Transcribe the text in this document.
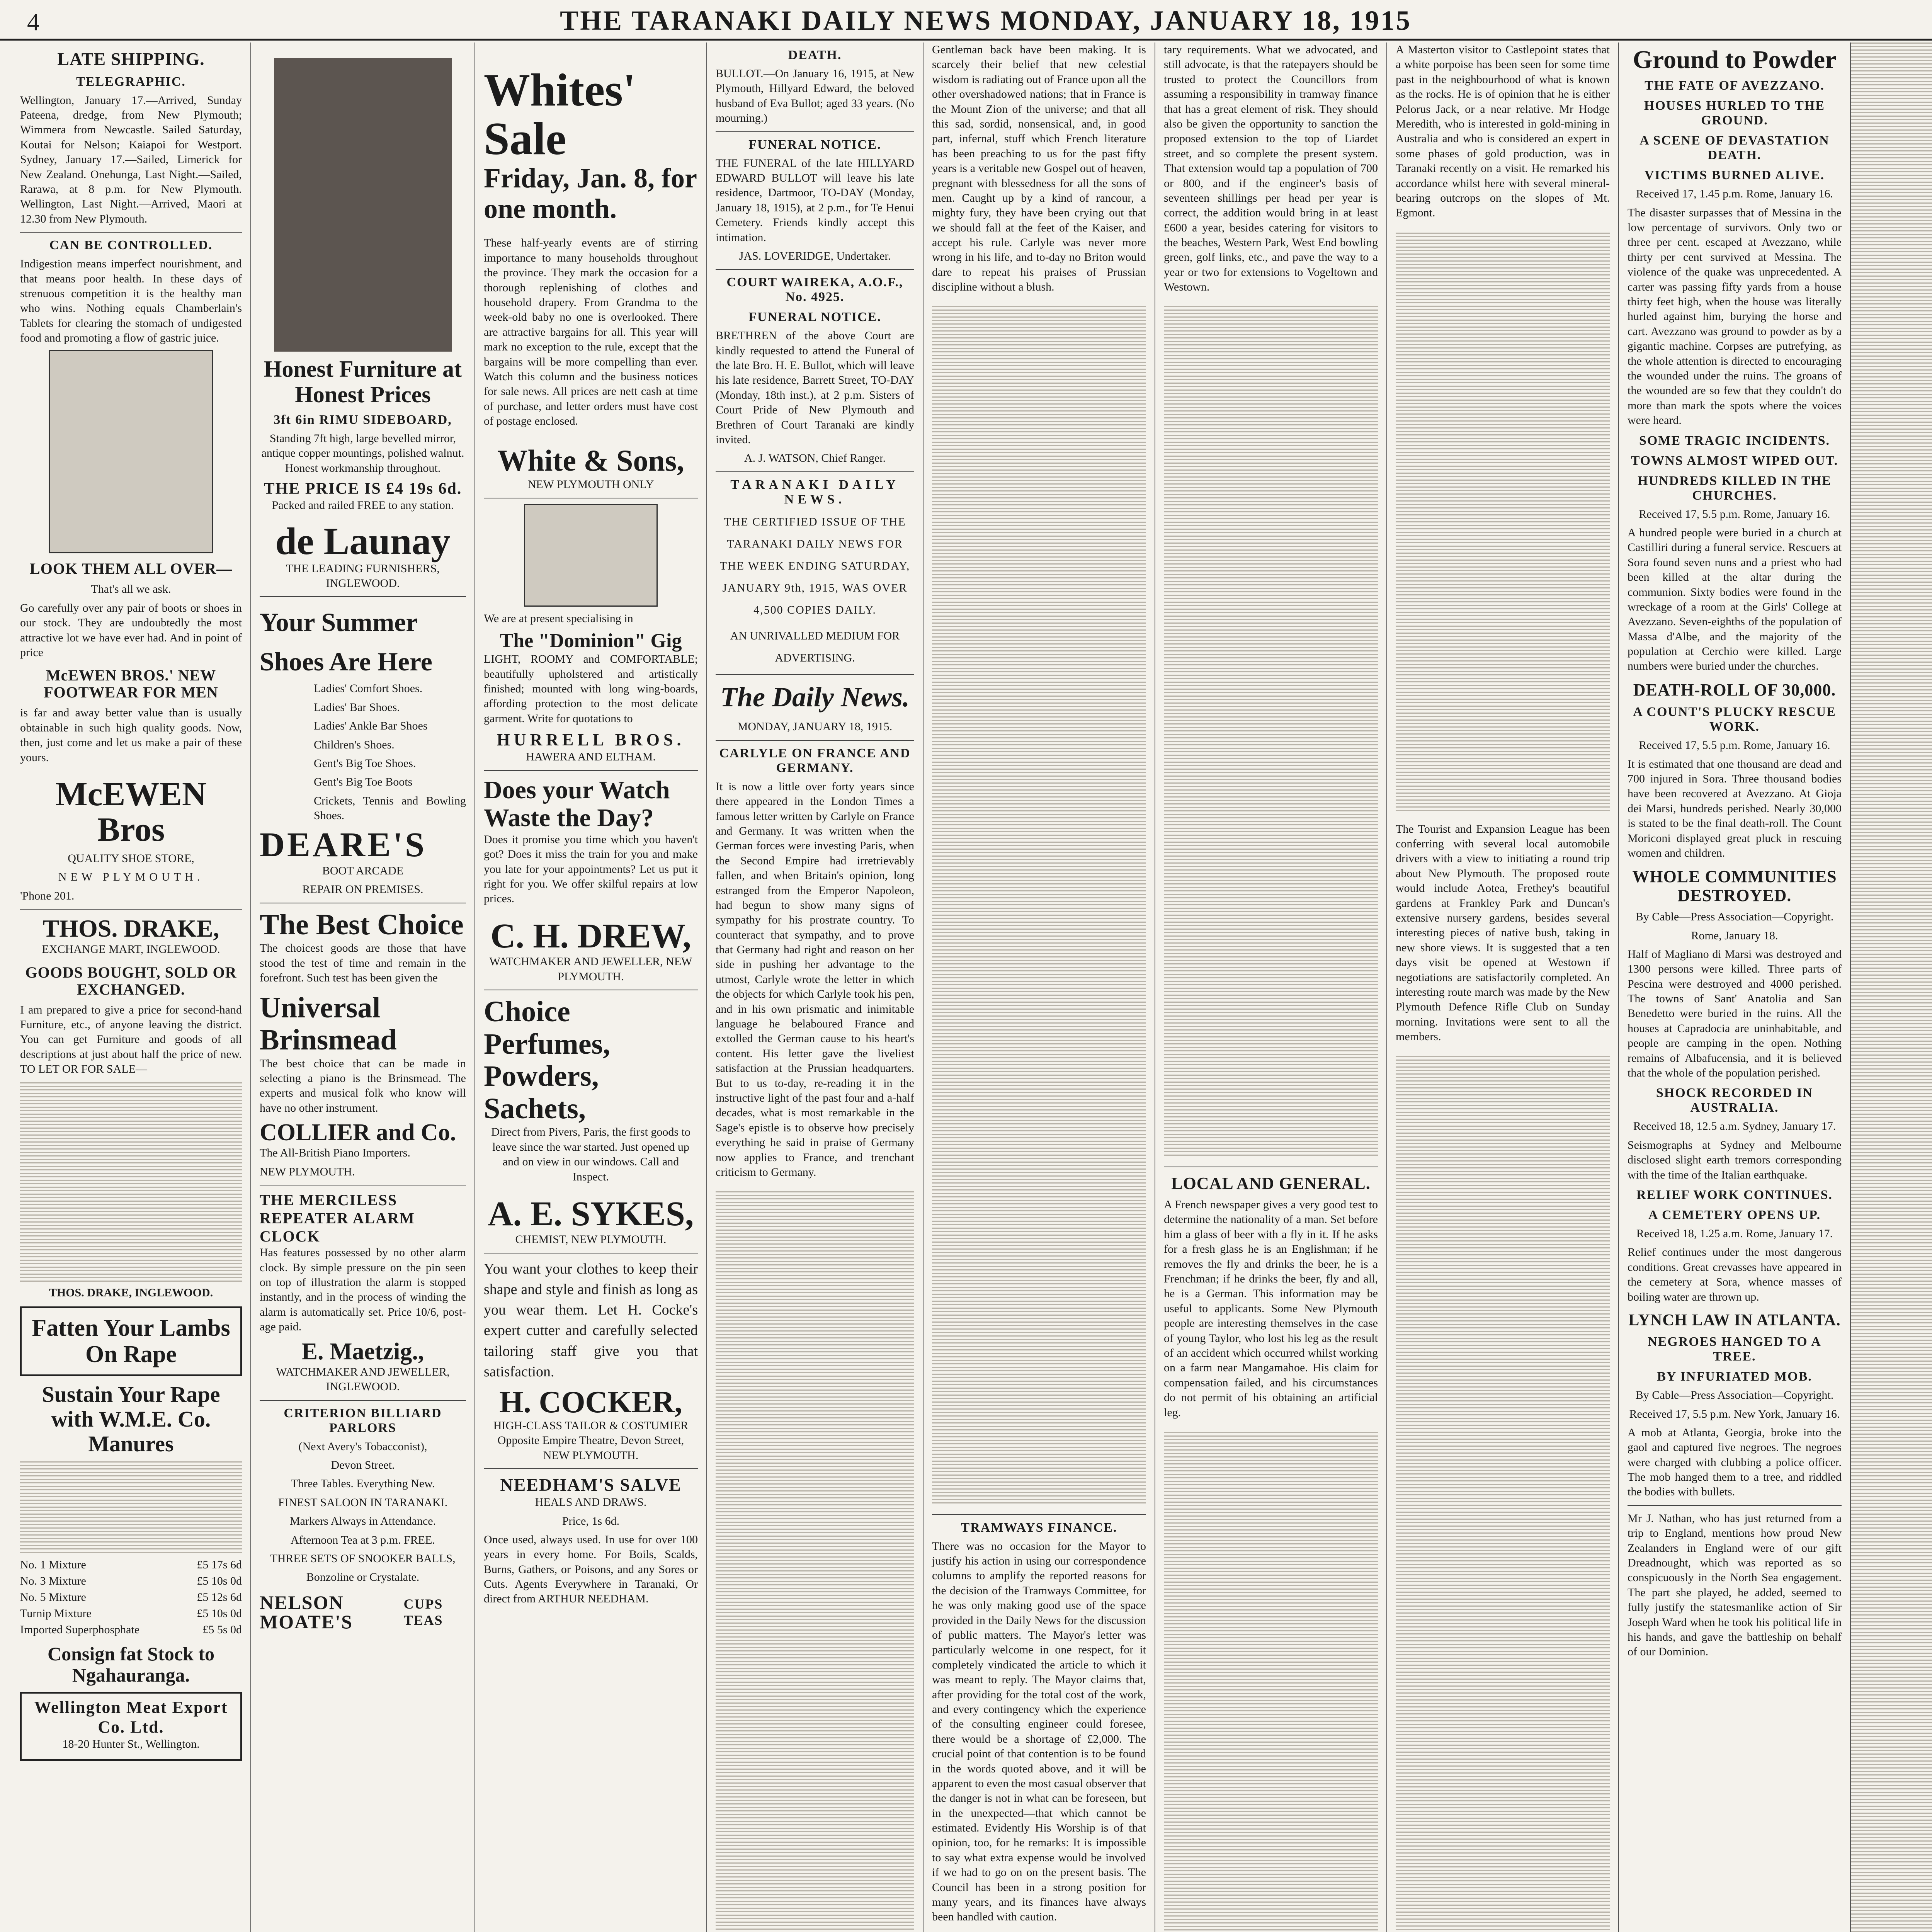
4	THE TARANAKI DAILY NEWS MONDAY, JANUARY 18, 1915
LATE SHIPPING.
TELEGRAPHIC.

Wellington, January 17.—Arrived, Sunday Pateena, dredge, from New Plymouth; Wimmera from Newcastle. Sailed Saturday, Koutai for Nelson; Kaiapoi for Westport. Sydney, January 17.—Sailed, Limerick for New Zealand. Onehunga, Last Night.—Sailed, Rarawa, at 8 p.m. for New Plymouth. Wellington, Last Night.—Arrived, Maori at 12.30 from New Plymouth.

CAN BE CONTROLLED.

Indigestion means imperfect nourishment, and that means poor health. In these days of strenuous competition it is the healthy man who wins. Nothing equals Chamberlain's Tablets for clearing the stomach of undigested food and promoting a flow of gastric juice.

LOOK THEM ALL OVER—

That's all we ask.

Go carefully over any pair of boots or shoes in our stock. They are undoubtedly the most attractive lot we have ever had. And in point of price

McEWEN BROS.' NEW FOOTWEAR FOR MEN

is far and away better value than is usually obtainable in such high quality goods. Now, then, just come and let us make a pair of these yours.

McEWEN Bros

QUALITY SHOE STORE,

NEW PLYMOUTH.

'Phone 201.

THOS. DRAKE,

EXCHANGE MART, INGLEWOOD.

GOODS BOUGHT, SOLD OR EXCHANGED.

I am prepared to give a price for second-hand Furniture, etc., of anyone leaving the district. You can get Furniture and goods of all descriptions at just about half the price of new. TO LET OR FOR SALE—

THOS. DRAKE, INGLEWOOD.

Fatten Your Lambs On Rape
Sustain Your Rape with W.M.E. Co. Manures

No. 1 Mixture	£5 17s 6d
No. 3 Mixture	£5 10s 0d
No. 5 Mixture	£5 12s 6d
Turnip Mixture	£5 10s 0d
Imported Superphosphate	£5 5s 0d
Consign fat Stock to Ngahauranga.
Wellington Meat Export Co. Ltd.

18-20 Hunter St., Wellington.

Honest Furniture at Honest Prices
3ft 6in RIMU SIDEBOARD,

Standing 7ft high, large bevelled mirror, antique copper mountings, polished walnut. Honest workmanship throughout.

THE PRICE IS £4 19s 6d.

Packed and railed FREE to any station.

de Launay

THE LEADING FURNISHERS, INGLEWOOD.

Your Summer Shoes Are Here

Ladies' Comfort Shoes.

Ladies' Bar Shoes.

Ladies' Ankle Bar Shoes

Children's Shoes.

Gent's Big Toe Shoes.

Gent's Big Toe Boots

Crickets, Tennis and Bowling Shoes.

DEARE'S

BOOT ARCADE

REPAIR ON PREMISES.

The Best Choice

The choicest goods are those that have stood the test of time and remain in the forefront. Such test has been given the

Universal Brinsmead

The best choice that can be made in selecting a piano is the Brinsmead. The experts and musical folk who know will have no other instrument.

COLLIER and Co.

The All-British Piano Importers.

NEW PLYMOUTH.

THE MERCILESS REPEATER ALARM CLOCK

Has features possessed by no other alarm clock. By simple pressure on the pin seen on top of illustration the alarm is stopped instantly, and in the process of winding the alarm is automatically set. Price 10/6, post-age paid.

E. Maetzig.,

WATCHMAKER AND JEWELLER, INGLEWOOD.

CRITERION BILLIARD PARLORS

(Next Avery's Tobacconist),

Devon Street.

Three Tables. Everything New.

FINEST SALOON IN TARANAKI.

Markers Always in Attendance.

Afternoon Tea at 3 p.m. FREE.

THREE SETS OF SNOOKER BALLS,

Bonzoline or Crystalate.

NELSON MOATE'S
CUPS TEAS
Whites' Sale
Friday, Jan. 8, for one month.

These half-yearly events are of stirring importance to many households throughout the province. They mark the occasion for a thorough replenishing of clothes and household drapery. From Grandma to the week-old baby no one is overlooked. There are attractive bargains for all. This year will mark no exception to the rule, except that the bargains will be more compelling than ever. Watch this column and the business notices for sale news. All prices are nett cash at time of purchase, and letter orders must have cost of postage enclosed.

White & Sons,

NEW PLYMOUTH ONLY

We are at present specialising in

The "Dominion" Gig

LIGHT, ROOMY and COMFORTABLE; beautifully upholstered and artistically finished; mounted with long wing-boards, affording protection to the most delicate garment. Write for quotations to

HURRELL BROS.

HAWERA AND ELTHAM.

Does your Watch Waste the Day?

Does it promise you time which you haven't got? Does it miss the train for you and make you late for your appointments? Let us put it right for you. We offer skilful repairs at low prices.

C. H. DREW,

WATCHMAKER AND JEWELLER, NEW PLYMOUTH.

Choice Perfumes, Powders, Sachets,

Direct from Pivers, Paris, the first goods to leave since the war started. Just opened up and on view in our windows. Call and Inspect.

A. E. SYKES,

CHEMIST, NEW PLYMOUTH.

You want your clothes to keep their shape and style and finish as long as you wear them. Let H. Cocke's expert cutter and carefully selected tailoring staff give you that satisfaction.

H. COCKER,

HIGH-CLASS TAILOR & COSTUMIER Opposite Empire Theatre, Devon Street, NEW PLYMOUTH.

NEEDHAM'S SALVE

HEALS AND DRAWS.

Price, 1s 6d.

Once used, always used. In use for over 100 years in every home. For Boils, Scalds, Burns, Gathers, or Poisons, and any Sores or Cuts. Agents Everywhere in Taranaki, Or direct from ARTHUR NEEDHAM.

DEATH.

BULLOT.—On January 16, 1915, at New Plymouth, Hillyard Edward, the beloved husband of Eva Bullot; aged 33 years. (No mourning.)

FUNERAL NOTICE.

THE FUNERAL of the late HILLYARD EDWARD BULLOT will leave his late residence, Dartmoor, TO-DAY (Monday, January 18, 1915), at 2 p.m., for Te Henui Cemetery. Friends kindly accept this intimation.

JAS. LOVERIDGE, Undertaker.

COURT WAIREKA, A.O.F., No. 4925.
FUNERAL NOTICE.

BRETHREN of the above Court are kindly requested to attend the Funeral of the late Bro. H. E. Bullot, which will leave his late residence, Barrett Street, TO-DAY (Monday, 18th inst.), at 2 p.m. Sisters of Court Pride of New Plymouth and Brethren of Court Taranaki are kindly invited.

A. J. WATSON, Chief Ranger.

TARANAKI DAILY NEWS.

THE CERTIFIED ISSUE OF THE TARANAKI DAILY NEWS FOR THE WEEK ENDING SATURDAY, JANUARY 9th, 1915, WAS OVER 4,500 COPIES DAILY.

AN UNRIVALLED MEDIUM FOR ADVERTISING.

The Daily News.

MONDAY, JANUARY 18, 1915.

CARLYLE ON FRANCE AND GERMANY.

It is now a little over forty years since there appeared in the London Times a famous letter written by Carlyle on France and Germany. It was written when the German forces were investing Paris, when the Second Empire had irretrievably fallen, and when Britain's opinion, long estranged from the Emperor Napoleon, had begun to show many signs of sympathy for his prostrate country. To counteract that sympathy, and to prove that Germany had right and reason on her side in pushing her advantage to the utmost, Carlyle wrote the letter in which the objects for which Carlyle took his pen, and in his own prismatic and inimitable language he belaboured France and extolled the German cause to his heart's content. His letter gave the liveliest satisfaction at the Prussian headquarters. But to us to-day, re-reading it in the instructive light of the past four and a-half decades, what is most remarkable in the Sage's epistle is to observe how precisely everything he said in praise of Germany now applies to France, and trenchant criticism to Germany.

Gentleman back have been making. It is scarcely their belief that new celestial wisdom is radiating out of France upon all the other overshadowed nations; that in France is the Mount Zion of the universe; and that all this sad, sordid, nonsensical, and, in good part, infernal, stuff which French literature has been preaching to us for the past fifty years is a veritable new Gospel out of heaven, pregnant with blessedness for all the sons of men. Caught up by a kind of rancour, a mighty fury, they have been crying out that we should fall at the feet of the Kaiser, and accept his rule. Carlyle was never more wrong in his life, and to-day no Briton would dare to repeat his praises of Prussian discipline without a blush.

TRAMWAYS FINANCE.

There was no occasion for the Mayor to justify his action in using our correspondence columns to amplify the reported reasons for the decision of the Tramways Committee, for he was only making good use of the space provided in the Daily News for the discussion of public matters. The Mayor's letter was particularly welcome in one respect, for it completely vindicated the article to which it was meant to reply. The Mayor claims that, after providing for the total cost of the work, and every contingency which the experience of the consulting engineer could foresee, there would be a shortage of £2,000. The crucial point of that contention is to be found in the words quoted above, and it will be apparent to even the most casual observer that the danger is not in what can be foreseen, but in the unexpected—that which cannot be estimated. Evidently His Worship is of that opinion, too, for he remarks: It is impossible to say what extra expense would be involved if we had to go on on the present basis. The Council has been in a strong position for many years, and its finances have always been handled with caution.

tary requirements. What we advocated, and still advocate, is that the ratepayers should be trusted to protect the Councillors from assuming a responsibility in tramway finance that has a great element of risk. They should also be given the opportunity to sanction the proposed extension to the top of Liardet street, and so complete the present system. That extension would tap a population of 700 or 800, and if the engineer's basis of seventeen shillings per head per year is correct, the addition would bring in at least £600 a year, besides catering for visitors to the beaches, Western Park, West End bowling green, golf links, etc., and pave the way to a year or two for extensions to Vogeltown and Westown.

LOCAL AND GENERAL.

A French newspaper gives a very good test to determine the nationality of a man. Set before him a glass of beer with a fly in it. If he asks for a fresh glass he is an Englishman; if he removes the fly and drinks the beer, he is a Frenchman; if he drinks the beer, fly and all, he is a German. This information may be useful to applicants. Some New Plymouth people are interesting themselves in the case of young Taylor, who lost his leg as the result of an accident which occurred whilst working on a farm near Mangamahoe. His claim for compensation failed, and his circumstances do not permit of his obtaining an artificial leg.

A Masterton visitor to Castlepoint states that a white porpoise has been seen for some time past in the neighbourhood of what is known as the rocks. He is of opinion that he is either Pelorus Jack, or a near relative. Mr Hodge Meredith, who is interested in gold-mining in Australia and who is considered an expert in some phases of gold production, was in Taranaki recently on a visit. He remarked his accordance whilst here with several mineral-bearing outcrops on the slopes of Mt. Egmont.

The Tourist and Expansion League has been conferring with several local automobile drivers with a view to initiating a round trip about New Plymouth. The proposed route would include Aotea, Frethey's beautiful gardens at Frankley Park and Duncan's extensive nursery gardens, besides several interesting pieces of native bush, taking in new shore views. It is suggested that a ten days visit be opened at Westown if negotiations are satisfactorily completed. An interesting route march was made by the New Plymouth Defence Rifle Club on Sunday morning. Invitations were sent to all the members.

Ground to Powder
THE FATE OF AVEZZANO.
HOUSES HURLED TO THE GROUND.
A SCENE OF DEVASTATION DEATH.
VICTIMS BURNED ALIVE.

Received 17, 1.45 p.m. Rome, January 16.

The disaster surpasses that of Messina in the low percentage of survivors. Only two or three per cent. escaped at Avezzano, while thirty per cent survived at Messina. The violence of the quake was unprecedented. A carter was passing fifty yards from a house thirty feet high, when the house was literally hurled against him, burying the horse and cart. Avezzano was ground to powder as by a gigantic machine. Corpses are putrefying, as the whole attention is directed to encouraging the wounded under the ruins. The groans of the wounded are so few that they couldn't do more than mark the spots where the voices were heard.

SOME TRAGIC INCIDENTS.
TOWNS ALMOST WIPED OUT.
HUNDREDS KILLED IN THE CHURCHES.

Received 17, 5.5 p.m. Rome, January 16.

A hundred people were buried in a church at Castilliri during a funeral service. Rescuers at Sora found seven nuns and a priest who had been killed at the altar during the communion. Sixty bodies were found in the wreckage of a room at the Girls' College at Avezzano. Seven-eighths of the population of Massa d'Albe, and the majority of the population at Cerchio were killed. Large numbers were buried under the churches.

DEATH-ROLL OF 30,000.
A COUNT'S PLUCKY RESCUE WORK.

Received 17, 5.5 p.m. Rome, January 16.

It is estimated that one thousand are dead and 700 injured in Sora. Three thousand bodies have been recovered at Avezzano. At Gioja dei Marsi, hundreds perished. Nearly 30,000 is stated to be the final death-roll. The Count Moriconi displayed great pluck in rescuing women and children.

WHOLE COMMUNITIES DESTROYED.

By Cable—Press Association—Copyright.

Rome, January 18.

Half of Magliano di Marsi was destroyed and 1300 persons were killed. Three parts of Pescina were destroyed and 4000 perished. The towns of Sant' Anatolia and San Benedetto were buried in the ruins. All the houses at Capradocia are uninhabitable, and people are camping in the open. Nothing remains of Albafucensia, and it is believed that the whole of the population perished.

SHOCK RECORDED IN AUSTRALIA.

Received 18, 12.5 a.m. Sydney, January 17.

Seismographs at Sydney and Melbourne disclosed slight earth tremors corresponding with the time of the Italian earthquake.

RELIEF WORK CONTINUES.
A CEMETERY OPENS UP.

Received 18, 1.25 a.m. Rome, January 17.

Relief continues under the most dangerous conditions. Great crevasses have appeared in the cemetery at Sora, whence masses of boiling water are thrown up.

LYNCH LAW IN ATLANTA.
NEGROES HANGED TO A TREE.
BY INFURIATED MOB.

By Cable—Press Association—Copyright.

Received 17, 5.5 p.m. New York, January 16.

A mob at Atlanta, Georgia, broke into the gaol and captured five negroes. The negroes were charged with clubbing a police officer. The mob hanged them to a tree, and riddled the bodies with bullets.

Mr J. Nathan, who has just returned from a trip to England, mentions how proud New Zealanders in England were of our gift Dreadnought, which was reported as so conspicuously in the North Sea engagement. The part she played, he added, seemed to fully justify the statesmanlike action of Sir Joseph Ward when he took his political life in his hands, and gave the battleship on behalf of our Dominion.
